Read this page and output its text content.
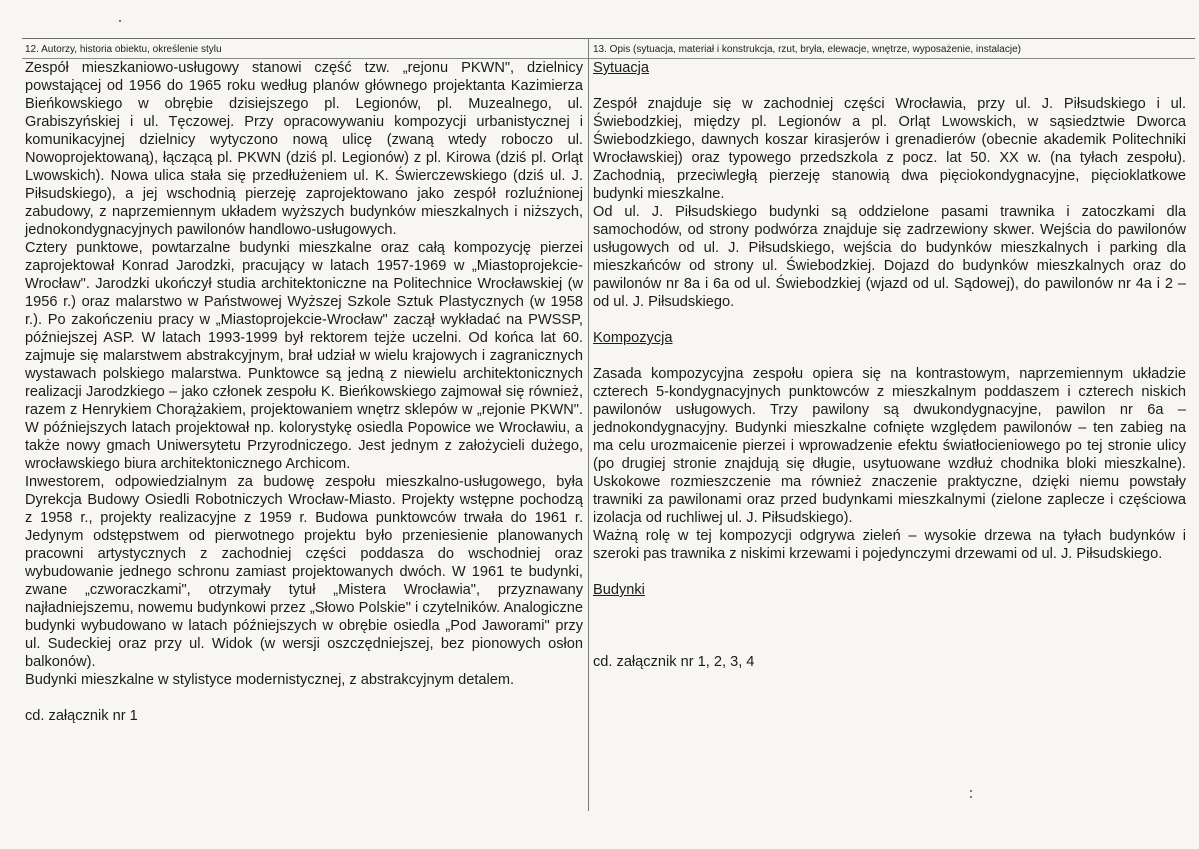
12. Autorzy, historia obiektu, określenie stylu	13. Opis (sytuacja, materiał i konstrukcja, rzut, bryła, elewacje, wnętrze, wyposażenie, instalacje)

Zespół mieszkaniowo-usługowy stanowi część tzw. „rejonu PKWN", dzielnicy powstającej od 1956 do 1965 roku według planów głównego projektanta Kazimierza Bieńkowskiego w obrębie dzisiejszego pl. Legionów, pl. Muzealnego, ul. Grabiszyńskiej i ul. Tęczowej. Przy opracowywaniu kompozycji urbanistycznej i komunikacyjnej dzielnicy wytyczono nową ulicę (zwaną wtedy roboczo ul. Nowoprojektowaną), łączącą pl. PKWN (dziś pl. Legionów) z pl. Kirowa (dziś pl. Orląt Lwowskich). Nowa ulica stała się przedłużeniem ul. K. Świerczewskiego (dziś ul. J. Piłsudskiego), a jej wschodnią pierzeję zaprojektowano jako zespół rozluźnionej zabudowy, z naprzemiennym układem wyższych budynków mieszkalnych i niższych, jednokondygnacyjnych pawilonów handlowo-usługowych.

Cztery punktowe, powtarzalne budynki mieszkalne oraz całą kompozycję pierzei zaprojektował Konrad Jarodzki, pracujący w latach 1957-1969 w „Miastoprojekcie-Wrocław". Jarodzki ukończył studia architektoniczne na Politechnice Wrocławskiej (w 1956 r.) oraz malarstwo w Państwowej Wyższej Szkole Sztuk Plastycznych (w 1958 r.). Po zakończeniu pracy w „Miastoprojekcie-Wrocław" zaczął wykładać na PWSSP, późniejszej ASP. W latach 1993-1999 był rektorem tejże uczelni. Od końca lat 60. zajmuje się malarstwem abstrakcyjnym, brał udział w wielu krajowych i zagranicznych wystawach polskiego malarstwa. Punktowce są jedną z niewielu architektonicznych realizacji Jarodzkiego – jako członek zespołu K. Bieńkowskiego zajmował się również, razem z Henrykiem Chorążakiem, projektowaniem wnętrz sklepów w „rejonie PKWN". W późniejszych latach projektował np. kolorystykę osiedla Popowice we Wrocławiu, a także nowy gmach Uniwersytetu Przyrodniczego. Jest jednym z założycieli dużego, wrocławskiego biura architektonicznego Archicom.

Inwestorem, odpowiedzialnym za budowę zespołu mieszkalno-usługowego, była Dyrekcja Budowy Osiedli Robotniczych Wrocław-Miasto. Projekty wstępne pochodzą z 1958 r., projekty realizacyjne z 1959 r. Budowa punktowców trwała do 1961 r. Jedynym odstępstwem od pierwotnego projektu było przeniesienie planowanych pracowni artystycznych z zachodniej części poddasza do wschodniej oraz wybudowanie jednego schronu zamiast projektowanych dwóch. W 1961 te budynki, zwane „czworaczkami", otrzymały tytuł „Mistera Wrocławia", przyznawany najładniejszemu, nowemu budynkowi przez „Słowo Polskie" i czytelników. Analogiczne budynki wybudowano w latach późniejszych w obrębie osiedla „Pod Jaworami" przy ul. Sudeckiej oraz przy ul. Widok (w wersji oszczędniejszej, bez pionowych osłon balkonów).

Budynki mieszkalne w stylistyce modernistycznej, z abstrakcyjnym detalem.

cd. załącznik nr 1

Sytuacja

Zespół znajduje się w zachodniej części Wrocławia, przy ul. J. Piłsudskiego i ul. Świebodzkiej, między pl. Legionów a pl. Orląt Lwowskich, w sąsiedztwie Dworca Świebodzkiego, dawnych koszar kirasjerów i grenadierów (obecnie akademik Politechniki Wrocławskiej) oraz typowego przedszkola z pocz. lat 50. XX w. (na tyłach zespołu). Zachodnią, przeciwległą pierzeję stanowią dwa pięciokondygnacyjne, pięcioklatkowe budynki mieszkalne.

Od ul. J. Piłsudskiego budynki są oddzielone pasami trawnika i zatoczkami dla samochodów, od strony podwórza znajduje się zadrzewiony skwer. Wejścia do pawilonów usługowych od ul. J. Piłsudskiego, wejścia do budynków mieszkalnych i parking dla mieszkańców od strony ul. Świebodzkiej. Dojazd do budynków mieszkalnych oraz do pawilonów nr 8a i 6a od ul. Świebodzkiej (wjazd od ul. Sądowej), do pawilonów nr 4a i 2 – od ul. J. Piłsudskiego.

Kompozycja

Zasada kompozycyjna zespołu opiera się na kontrastowym, naprzemiennym układzie czterech 5-kondygnacyjnych punktowców z mieszkalnym poddaszem i czterech niskich pawilonów usługowych. Trzy pawilony są dwukondygnacyjne, pawilon nr 6a – jednokondygnacyjny. Budynki mieszkalne cofnięte względem pawilonów – ten zabieg na ma celu urozmaicenie pierzei i wprowadzenie efektu światłocieniowego po tej stronie ulicy (po drugiej stronie znajdują się długie, usytuowane wzdłuż chodnika bloki mieszkalne). Uskokowe rozmieszczenie ma również znaczenie praktyczne, dzięki niemu powstały trawniki za pawilonami oraz przed budynkami mieszkalnymi (zielone zaplecze i częściowa izolacja od ruchliwej ul. J. Piłsudskiego).

Ważną rolę w tej kompozycji odgrywa zieleń – wysokie drzewa na tyłach budynków i szeroki pas trawnika z niskimi krzewami i pojedynczymi drzewami od ul. J. Piłsudskiego.

Budynki

cd. załącznik nr 1, 2, 3, 4
